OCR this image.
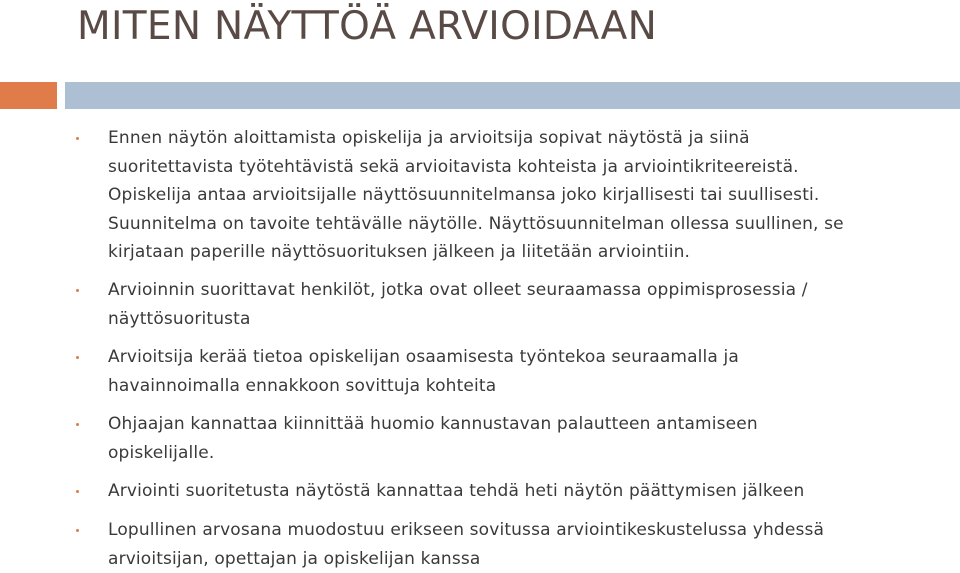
MITEN NÄYTTÖÄ ARVIOIDAAN
Ennen näytön aloittamista opiskelija ja arvioitsija sopivat näytöstä ja siinä
suoritettavista työtehtävistä sekä arvioitavista kohteista ja arviointikriteereistä.
Opiskelija antaa arvioitsijalle näyttösuunnitelmansa joko kirjallisesti tai suullisesti.
Suunnitelma on tavoite tehtävälle näytölle. Näyttösuunnitelman ollessa suullinen, se
kirjataan paperille näyttösuorituksen jälkeen ja liitetään arviointiin.
Arvioinnin suorittavat henkilöt, jotka ovat olleet seuraamassa oppimisprosessia /
näyttösuoritusta
Arvioitsija kerää tietoa opiskelijan osaamisesta työntekoa seuraamalla ja
havainnoimalla ennakkoon sovittuja kohteita
Ohjaajan kannattaa kiinnittää huomio kannustavan palautteen antamiseen
opiskelijalle.
Arviointi suoritetusta näytöstä kannattaa tehdä heti näytön päättymisen jälkeen
Lopullinen arvosana muodostuu erikseen sovitussa arviointikeskustelussa yhdessä
arvioitsijan, opettajan ja opiskelijan kanssa
